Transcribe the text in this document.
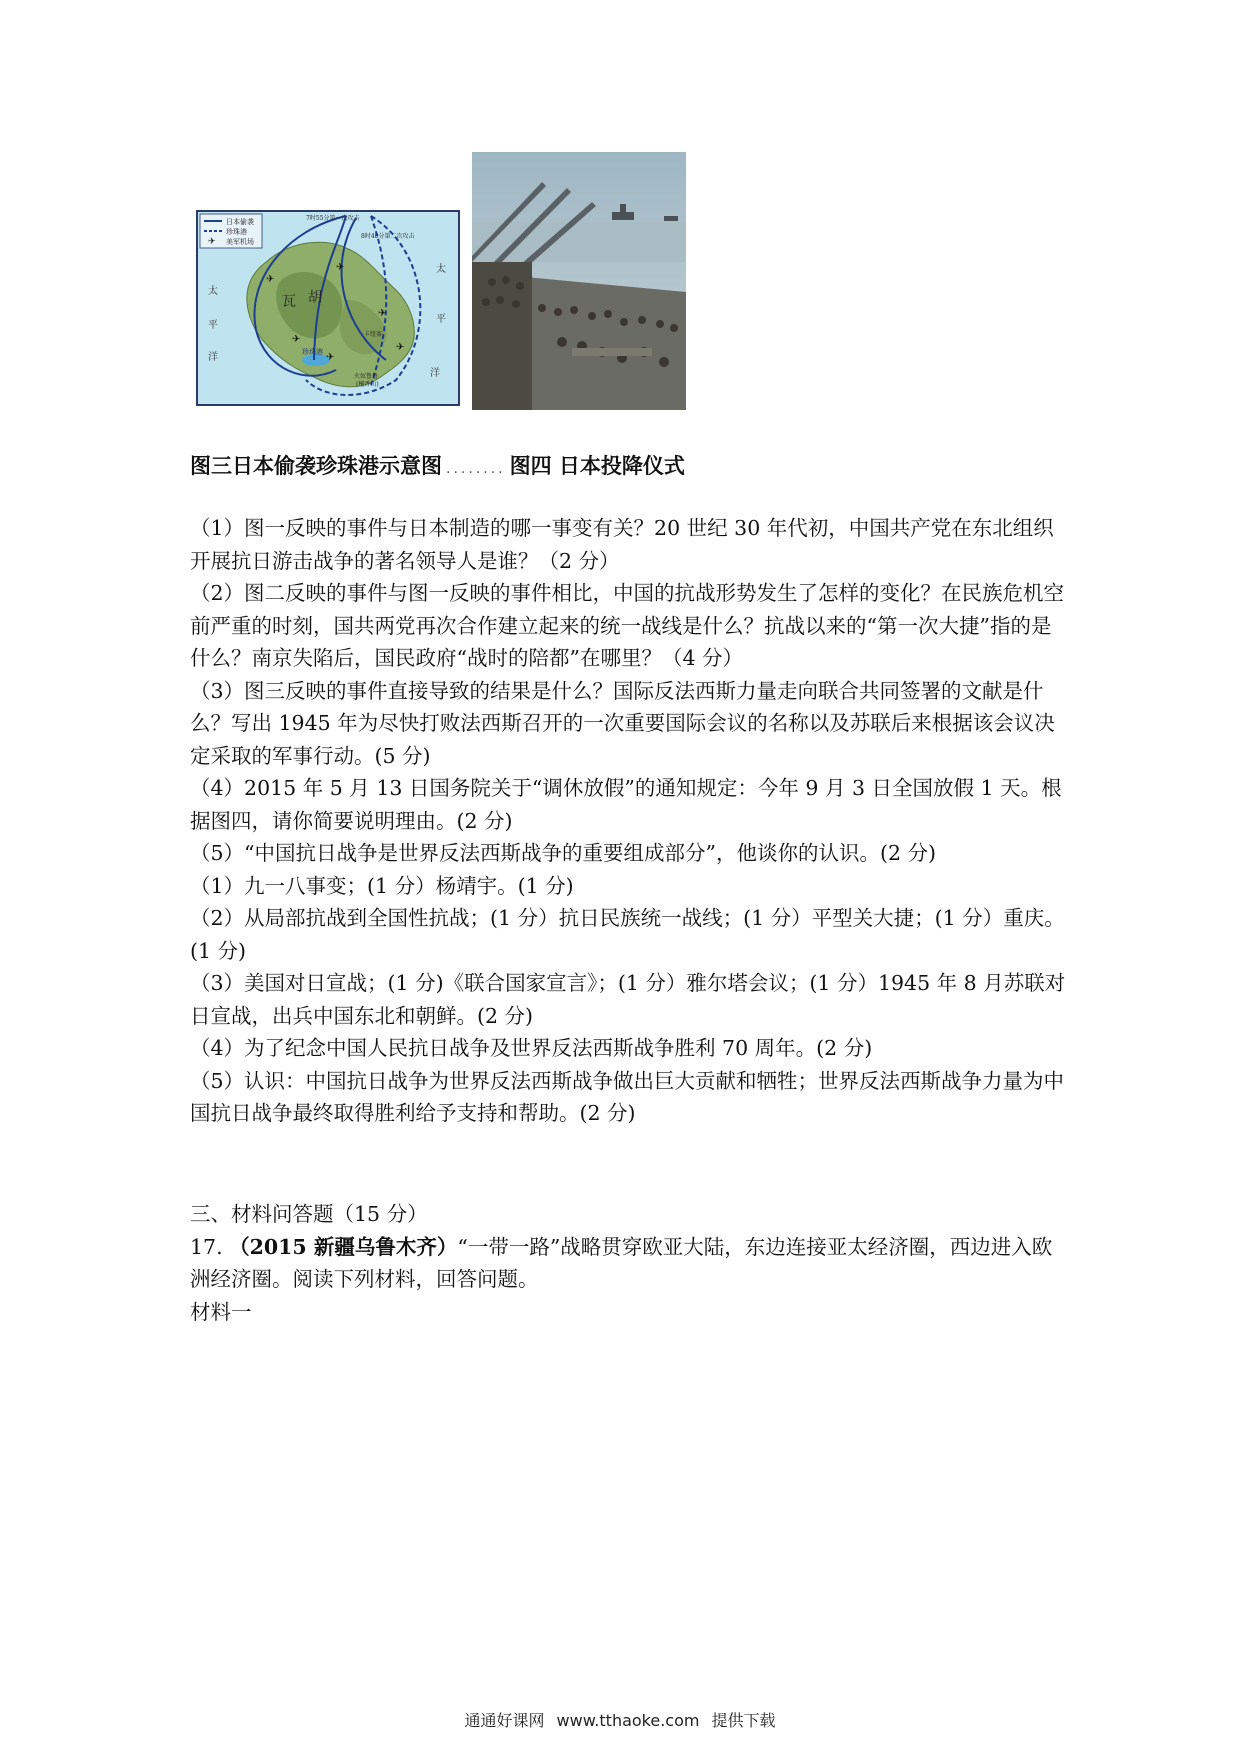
✈
日本偷袭
珍珠港
美军机场
7时55分第一次攻击
8时40分第二次攻击
瓦 胡
太
平
洋
太
平
洋
珍珠港
卡纽赛
火奴鲁鲁
(檀香山)
✈
✈
✈
✈
✈
✈
图三日本偷袭珍珠港示意图 ........ 图四 日本投降仪式

（1）图一反映的事件与日本制造的哪一事变有关？20 世纪 30 年代初，中国共产党在东北组织开展抗日游击战争的著名领导人是谁？（2 分）

（2）图二反映的事件与图一反映的事件相比，中国的抗战形势发生了怎样的变化？在民族危机空前严重的时刻，国共两党再次合作建立起来的统一战线是什么？抗战以来的“第一次大捷”指的是什么？南京失陷后，国民政府“战时的陪都”在哪里？（4 分）

（3）图三反映的事件直接导致的结果是什么？国际反法西斯力量走向联合共同签署的文献是什么？写出 1945 年为尽快打败法西斯召开的一次重要国际会议的名称以及苏联后来根据该会议决定采取的军事行动。(5 分)

（4）2015 年 5 月 13 日国务院关于“调休放假”的通知规定：今年 9 月 3 日全国放假 1 天。根据图四，请你简要说明理由。(2 分)

（5）“中国抗日战争是世界反法西斯战争的重要组成部分”，他谈你的认识。(2 分)

（1）九一八事变；(1 分）杨靖宇。(1 分)

（2）从局部抗战到全国性抗战；(1 分）抗日民族统一战线；(1 分）平型关大捷；(1 分）重庆。(1 分)

（3）美国对日宣战；(1 分)《联合国家宣言》；(1 分）雅尔塔会议；(1 分）1945 年 8 月苏联对日宣战，出兵中国东北和朝鲜。(2 分)

（4）为了纪念中国人民抗日战争及世界反法西斯战争胜利 70 周年。(2 分)

（5）认识：中国抗日战争为世界反法西斯战争做出巨大贡献和牺牲；世界反法西斯战争力量为中国抗日战争最终取得胜利给予支持和帮助。(2 分)

三、材料问答题（15 分）

17. （2015 新疆乌鲁木齐）“一带一路”战略贯穿欧亚大陆，东边连接亚太经济圈，西边进入欧洲经济圈。阅读下列材料，回答问题。

材料一

通通好课网 www.tthaoke.com 提供下载
